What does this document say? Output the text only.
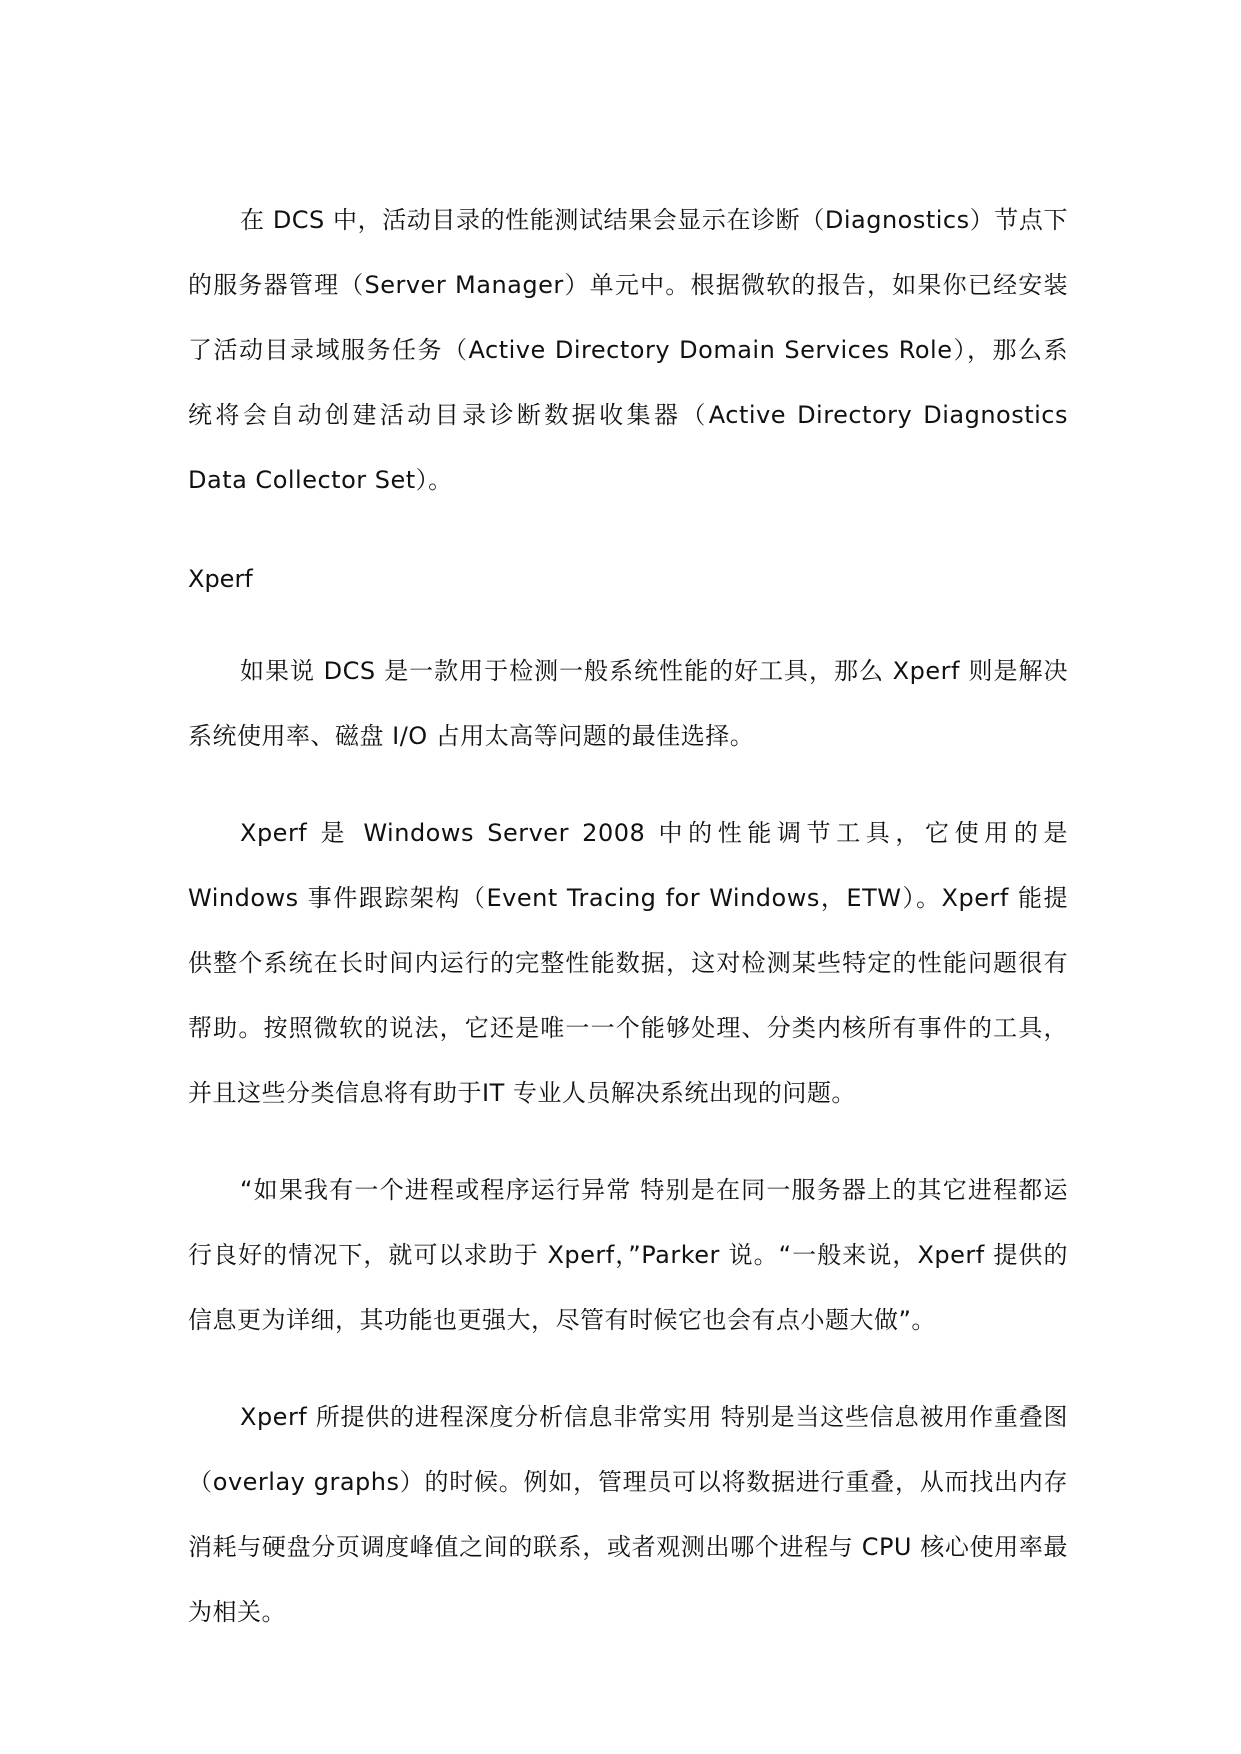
在 DCS 中，活动目录的性能测试结果会显示在诊断（Diagnostics）节点下的服务器管理（Server Manager）单元中。根据微软的报告，如果你已经安装了活动目录域服务任务（Active Directory Domain Services Role），那么系统将会自动创建活动目录诊断数据收集器（Active Directory Diagnostics Data Collector Set）。

Xperf

如果说 DCS 是一款用于检测一般系统性能的好工具，那么 Xperf 则是解决系统使用率、磁盘 I/O 占用太高等问题的最佳选择。

Xperf 是 Windows Server 2008 中的性能调节工具，它使用的是 Windows 事件跟踪架构（Event Tracing for Windows，ETW）。Xperf 能提供整个系统在长时间内运行的完整性能数据，这对检测某些特定的性能问题很有帮助。按照微软的说法，它还是唯一一个能够处理、分类内核所有事件的工具，并且这些分类信息将有助于IT 专业人员解决系统出现的问题。

“如果我有一个进程或程序运行异常 特别是在同一服务器上的其它进程都运行良好的情况下，就可以求助于 Xperf，”Parker 说。“一般来说，Xperf 提供的信息更为详细，其功能也更强大，尽管有时候它也会有点小题大做”。

Xperf 所提供的进程深度分析信息非常实用 特别是当这些信息被用作重叠图（overlay graphs）的时候。例如，管理员可以将数据进行重叠，从而找出内存消耗与硬盘分页调度峰值之间的联系，或者观测出哪个进程与 CPU 核心使用率最为相关。
